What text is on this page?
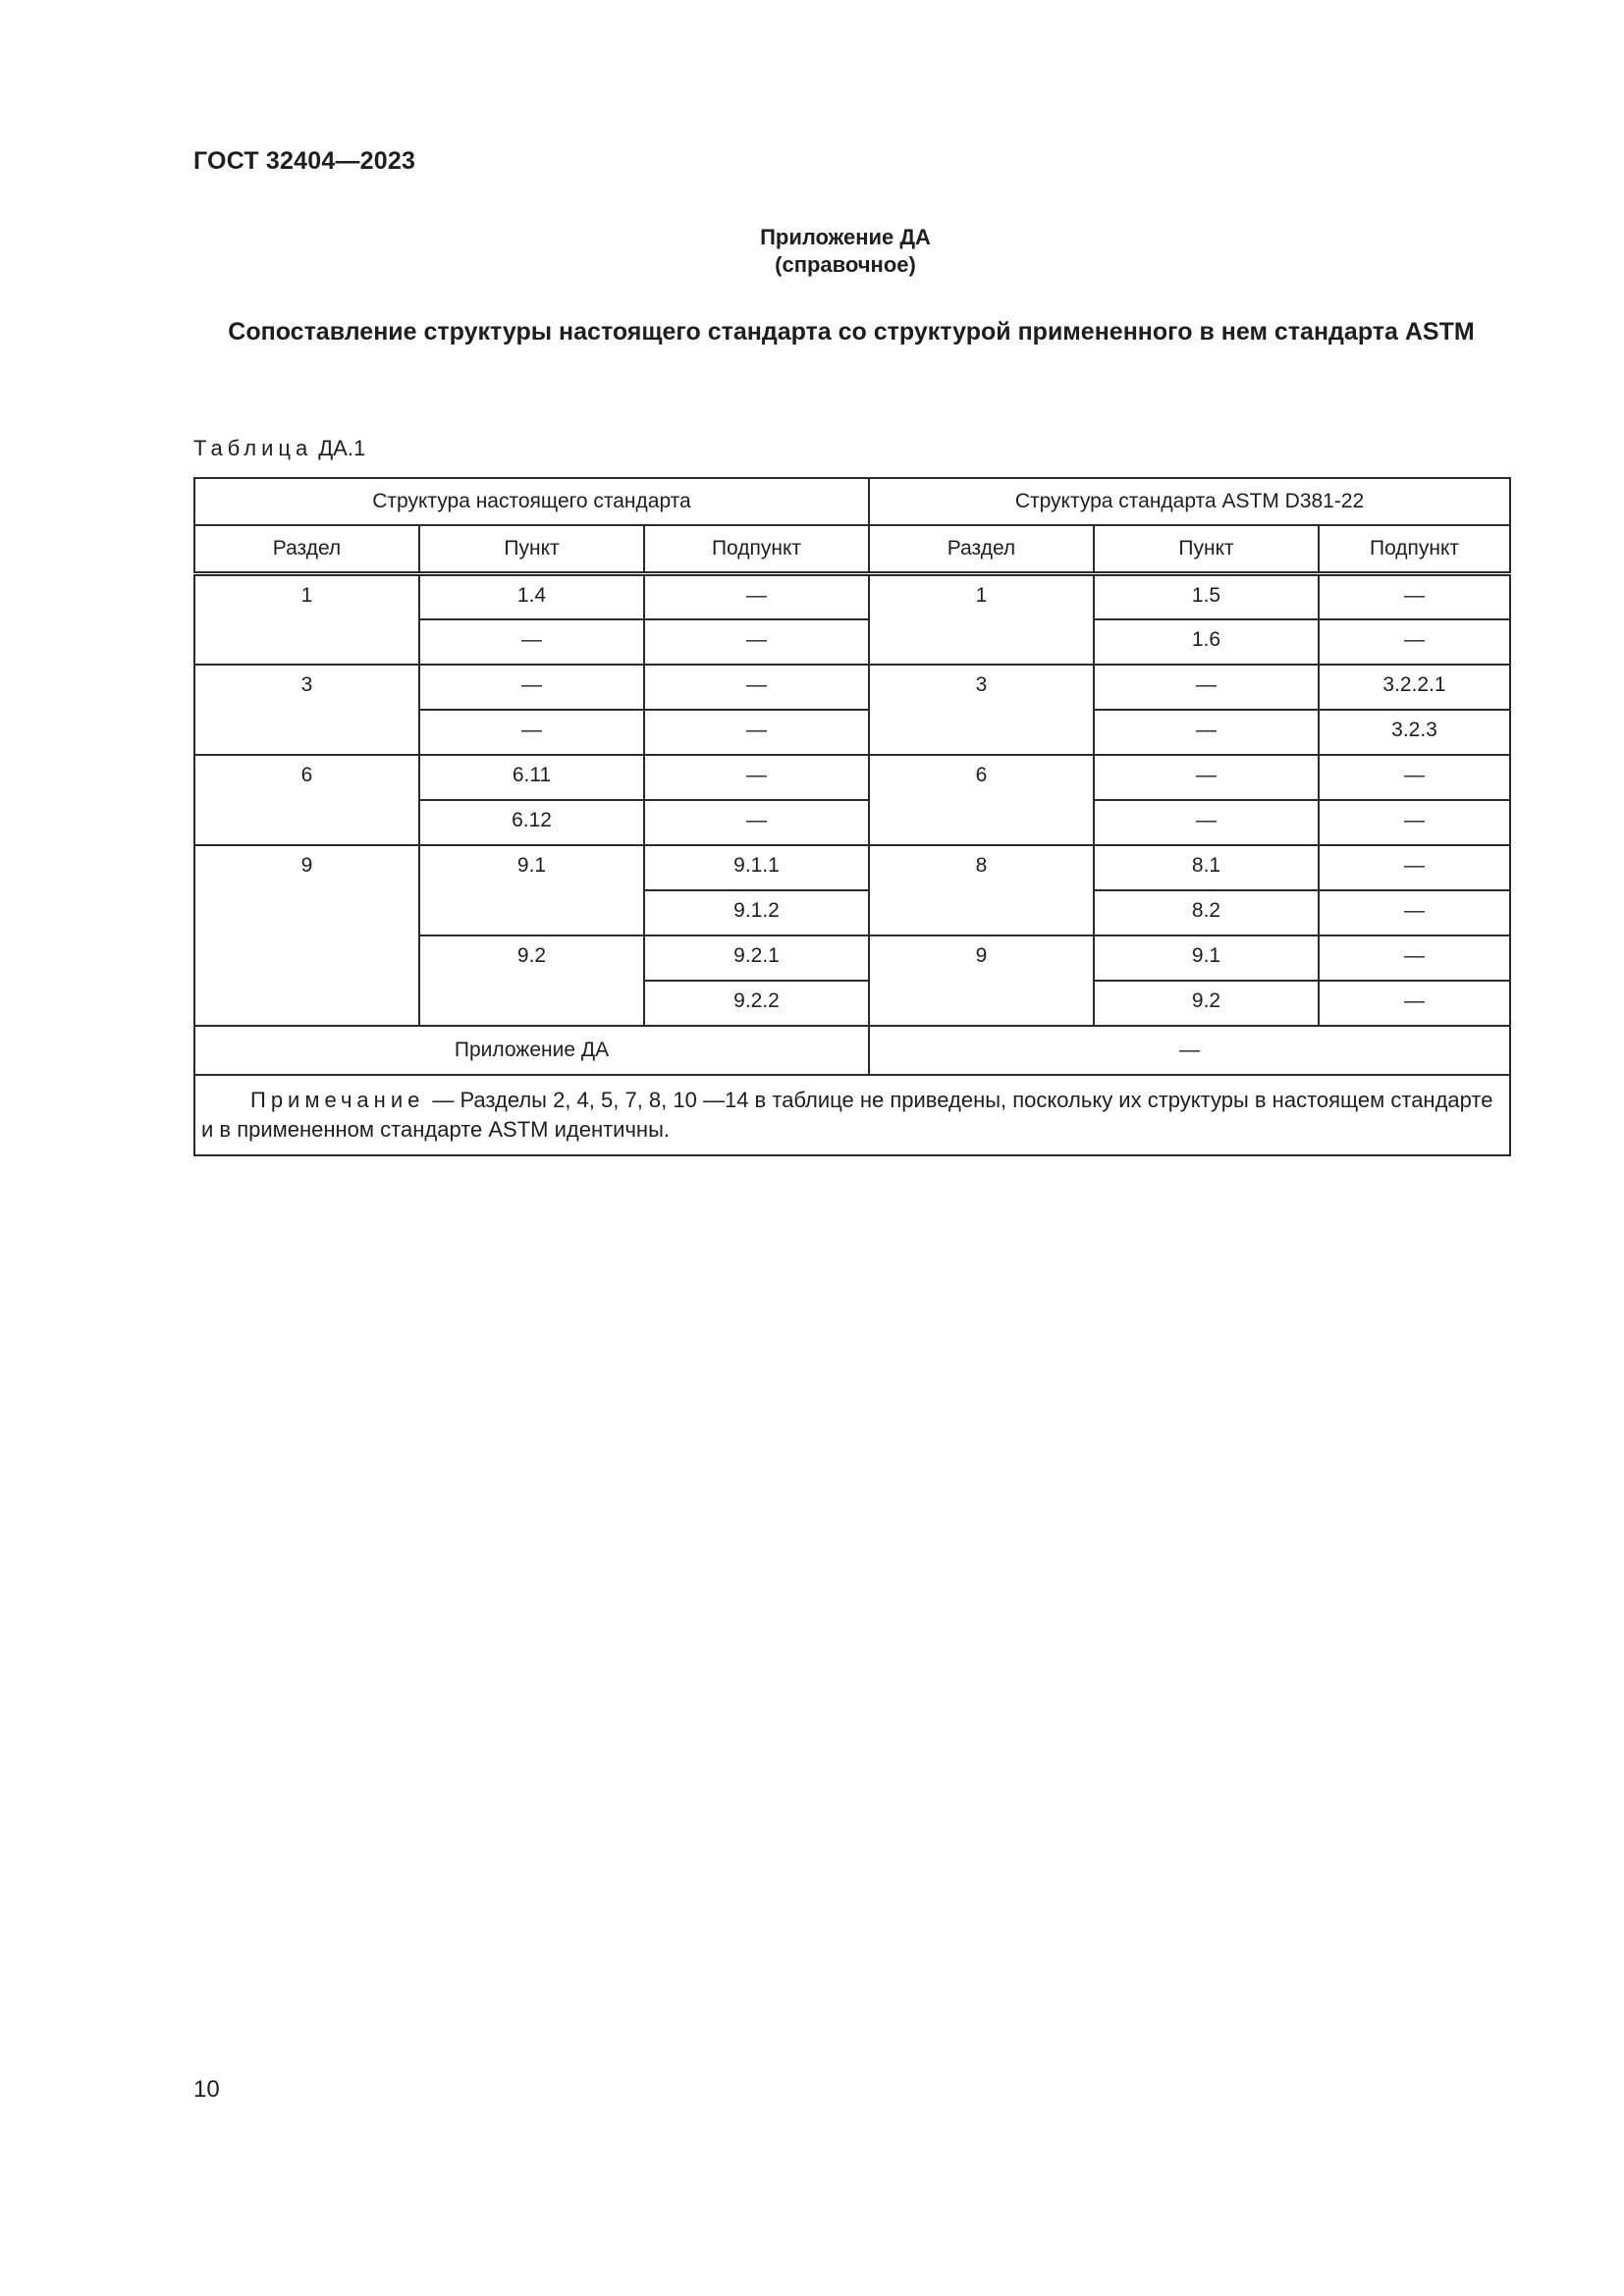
ГОСТ 32404—2023
Приложение ДА
(справочное)
Сопоставление структуры настоящего стандарта со структурой примененного в нем стандарта ASTM
Таблица ДА.1
Структура настоящего стандарта			Структура стандарта ASTM D381-22		
Раздел	Пункт	Подпункт	Раздел	Пункт	Подпункт
1	1.4	—	1	1.5	—
	—	—		1.6	—
3	—	—	3	—	3.2.2.1
	—	—		—	3.2.3
6	6.11	—	6	—	—
	6.12	—		—	—
9	9.1	9.1.1	8	8.1	—
		9.1.2		8.2	—
	9.2	9.2.1	9	9.1	—
		9.2.2		9.2	—
Приложение ДА			—		
Примечание — Разделы 2, 4, 5, 7, 8, 10 —14 в таблице не приведены, поскольку их структуры в настоящем стандарте и в примененном стандарте ASTM идентичны.					
10
